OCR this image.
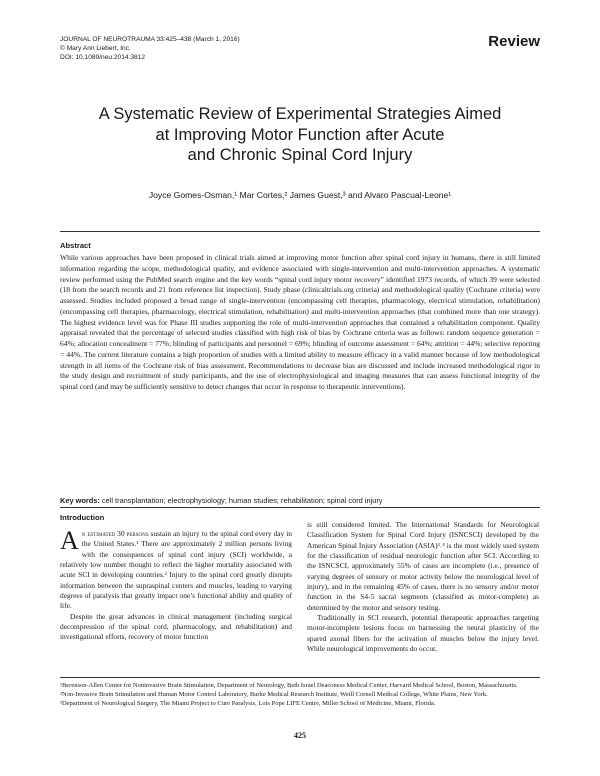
JOURNAL OF NEUROTRAUMA 33:425–438 (March 1, 2016)
© Mary Ann Liebert, Inc.
DOI: 10.1089/neu.2014.3812
Review
A Systematic Review of Experimental Strategies Aimed
at Improving Motor Function after Acute
and Chronic Spinal Cord Injury
Joyce Gomes-Osman,¹ Mar Cortes,² James Guest,³ and Alvaro Pascual-Leone¹
Abstract
While various approaches have been proposed in clinical trials aimed at improving motor function after spinal cord injury in humans, there is still limited information regarding the scope, methodological quality, and evidence associated with single-intervention and multi-intervention approaches. A systematic review performed using the PubMed search engine and the key words “spinal cord injury motor recovery” identified 1973 records, of which 39 were selected (18 from the search records and 21 from reference list inspection). Study phase (clinicaltrials.org criteria) and methodological quality (Cochrane criteria) were assessed. Studies included proposed a broad range of single-intervention (encompassing cell therapies, pharmacology, electrical stimulation, rehabilitation) (encompassing cell therapies, pharmacology, electrical stimulation, rehabilitation) and multi-intervention approaches (that combined more than one strategy). The highest evidence level was for Phase III studies supporting the role of multi-intervention approaches that contained a rehabilitation component. Quality appraisal revealed that the percentage of selected studies classified with high risk of bias by Cochrane criteria was as follows: random sequence generation = 64%; allocation concealment = 77%; blinding of participants and personnel = 69%; blinding of outcome assessment = 64%; attrition = 44%; selective reporting = 44%. The current literature contains a high proportion of studies with a limited ability to measure efficacy in a valid manner because of low methodological strength in all items of the Cochrane risk of bias assessment. Recommendations to decrease bias are discussed and include increased methodological rigor in the study design and recruitment of study participants, and the use of electrophysiological and imaging measures that can assess functional integrity of the spinal cord (and may be sufficiently sensitive to detect changes that occur in response to therapeutic interventions).
Key words: cell transplantation; electrophysiology; human studies; rehabilitation; spinal cord injury
Introduction

An estimated 30 persons sustain an injury to the spinal cord every day in the United States.¹ There are approximately 2 million persons living with the consequences of spinal cord injury (SCI) worldwide, a relatively low number thought to reflect the higher mortality associated with acute SCI in developing countries.² Injury to the spinal cord greatly disrupts information between the supraspinal centers and muscles, leading to varying degrees of paralysis that greatly impact one’s functional ability and quality of life.

Despite the great advances in clinical management (including surgical decompression of the spinal cord, pharmacology, and rehabilitation) and investigational efforts, recovery of motor function

is still considered limited. The International Standards for Neurological Classification System for Spinal Cord Injury (ISNCSCI) developed by the American Spinal Injury Association (ASIA)³˒⁴ is the most widely used system for the classification of residual neurologic function after SCI. According to the ISNCSCI, approximately 55% of cases are incomplete (i.e., presence of varying degrees of sensory or motor activity below the neurological level of injury), and in the remaining 45% of cases, there is no sensory and/or motor function in the S4-5 sacral segments (classified as motor-complete) as determined by the motor and sensory testing.

Traditionally in SCI research, potential therapeutic approaches targeting motor-incomplete lesions focus on harnessing the neural plasticity of the spared axonal fibers for the activation of muscles below the injury level. While neurological improvements do occur,

¹Berenson-Allen Center for Noninvasive Brain Stimulation, Department of Neurology, Beth Israel Deaconess Medical Center, Harvard Medical School, Boston, Massachusetts.

²Non-Invasive Brain Stimulation and Human Motor Control Laboratory, Burke Medical Research Institute, Weill Cornell Medical College, White Plains, New York.

³Department of Neurological Surgery, The Miami Project to Cure Paralysis, Lois Pope LIFE Centre, Miller School of Medicine, Miami, Florida.

425
